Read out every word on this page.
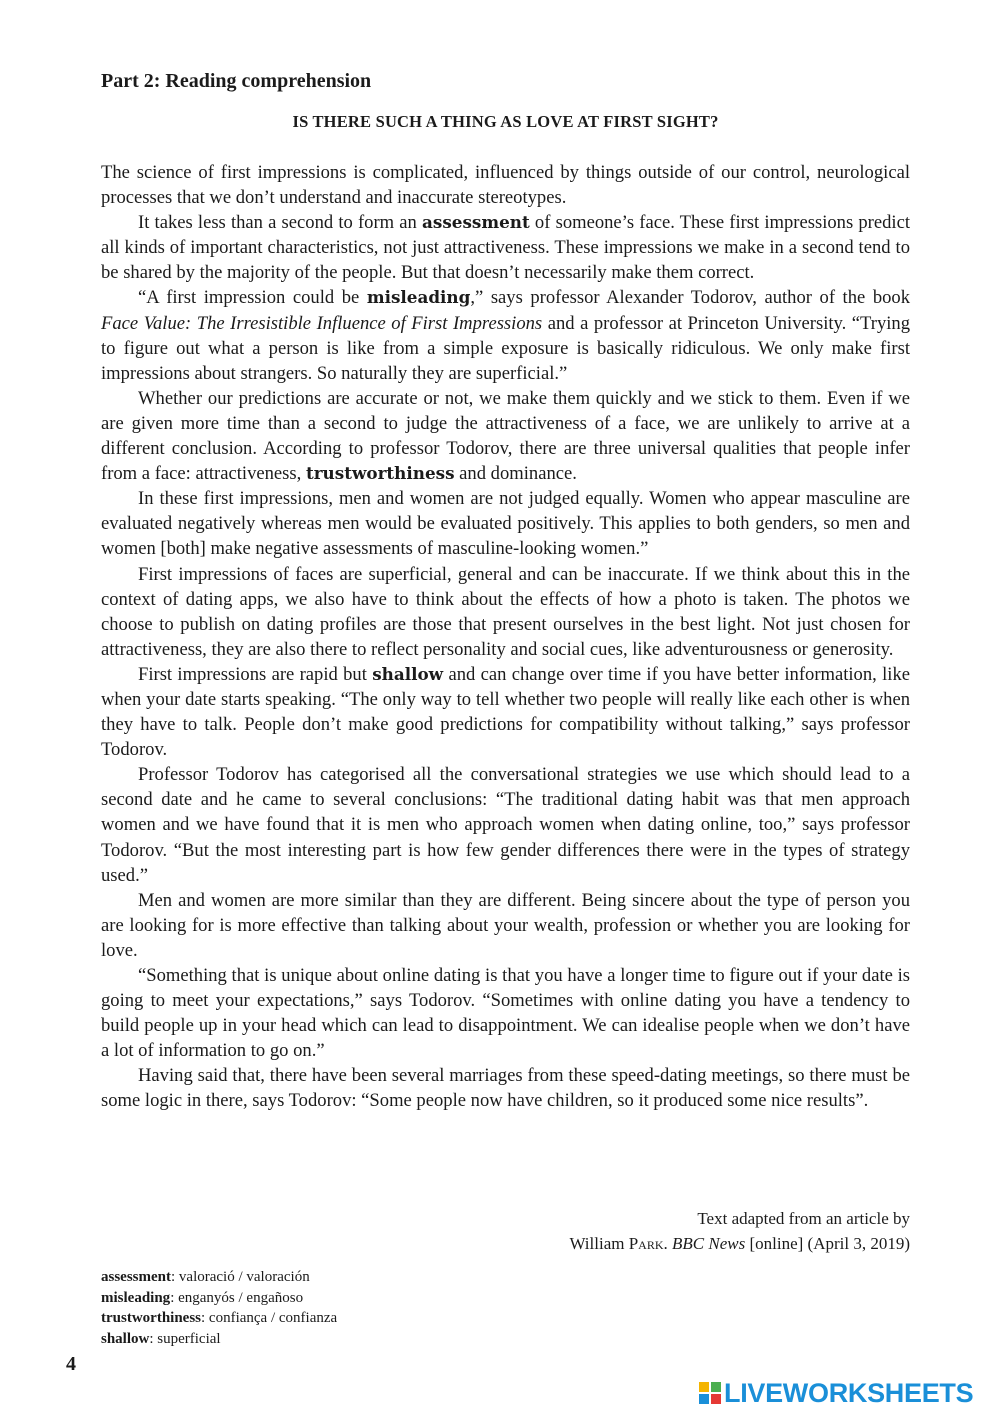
Part 2: Reading comprehension
IS THERE SUCH A THING AS LOVE AT FIRST SIGHT?

The science of first impressions is complicated, influenced by things outside of our control, neurological processes that we don’t understand and inaccurate stereotypes.

It takes less than a second to form an assessment of someone’s face. These first impressions predict all kinds of important characteristics, not just attractiveness. These impressions we make in a second tend to be shared by the majority of the people. But that doesn’t necessarily make them correct.

“A first impression could be misleading,” says professor Alexander Todorov, author of the book Face Value: The Irresistible Influence of First Impressions and a professor at Princeton University. “Trying to figure out what a person is like from a simple exposure is basically ridiculous. We only make first impressions about strangers. So naturally they are superficial.”

Whether our predictions are accurate or not, we make them quickly and we stick to them. Even if we are given more time than a second to judge the attractiveness of a face, we are unlikely to arrive at a different conclusion. According to professor Todorov, there are three universal qualities that people infer from a face: attractiveness, trustworthiness and dominance.

In these first impressions, men and women are not judged equally. Women who appear masculine are evaluated negatively whereas men would be evaluated positively. This applies to both genders, so men and women [both] make negative assessments of masculine-looking women.”

First impressions of faces are superficial, general and can be inaccurate. If we think about this in the context of dating apps, we also have to think about the effects of how a photo is taken. The photos we choose to publish on dating profiles are those that present ourselves in the best light. Not just chosen for attractiveness, they are also there to reflect personality and social cues, like adventurousness or generosity.

First impressions are rapid but shallow and can change over time if you have better information, like when your date starts speaking. “The only way to tell whether two people will really like each other is when they have to talk. People don’t make good predictions for compatibility without talking,” says professor Todorov.

Professor Todorov has categorised all the conversational strategies we use which should lead to a second date and he came to several conclusions: “The traditional dating habit was that men approach women and we have found that it is men who approach women when dating online, too,” says professor Todorov. “But the most interesting part is how few gender differences there were in the types of strategy used.”

Men and women are more similar than they are different. Being sincere about the type of person you are looking for is more effective than talking about your wealth, profession or whether you are looking for love.

“Something that is unique about online dating is that you have a longer time to figure out if your date is going to meet your expectations,” says Todorov. “Sometimes with online dating you have a tendency to build people up in your head which can lead to disappointment. We can idealise people when we don’t have a lot of information to go on.”

Having said that, there have been several marriages from these speed-dating meetings, so there must be some logic in there, says Todorov: “Some people now have children, so it produced some nice results”.

Text adapted from an article by
William Park. BBC News [online] (April 3, 2019)
assessment: valoració / valoración
misleading: enganyós / engañoso
trustworthiness: confiança / confianza
shallow: superficial
4
LIVEWORKSHEETS
